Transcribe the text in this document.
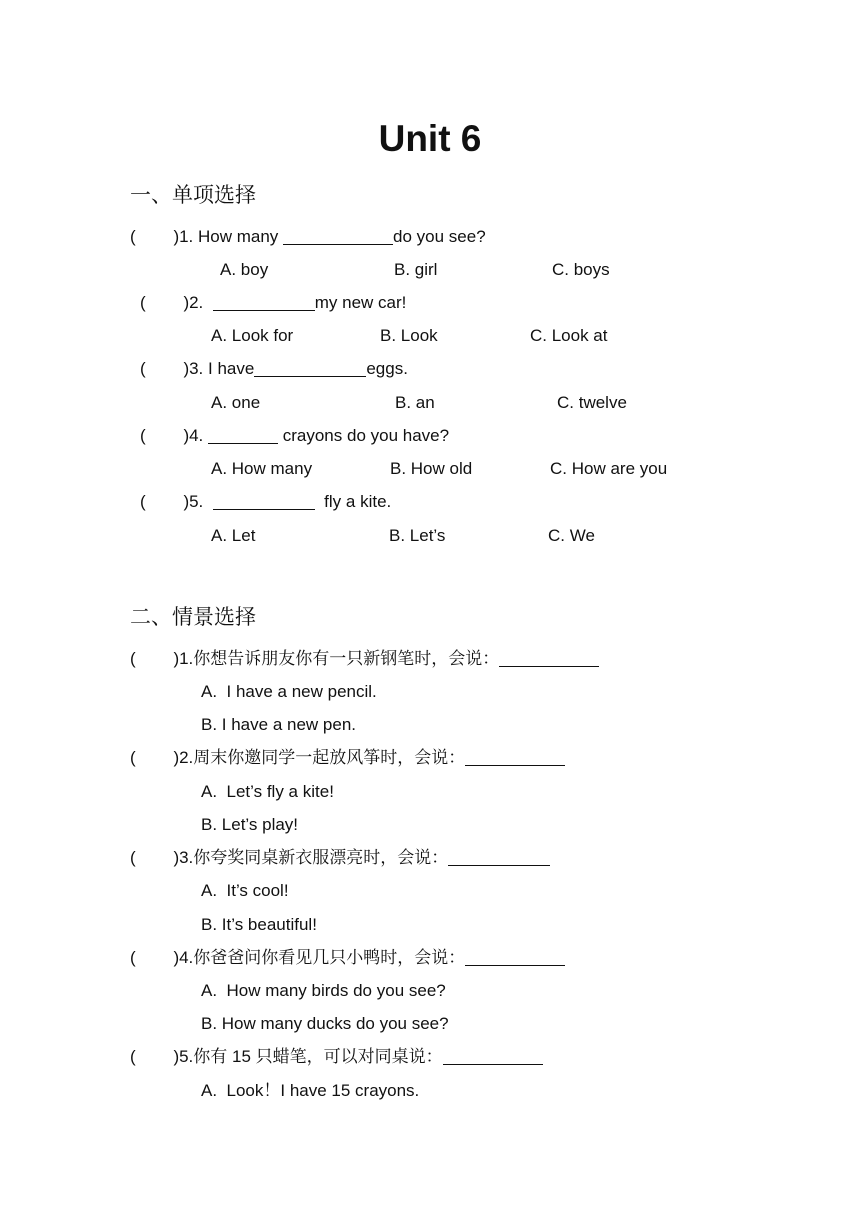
Unit 6
一、单项选择
(        )1. How many	do you see?
A. boy	B. girl	C. boys
(        )2.	my new car!
A. Look for	B. Look	C. Look at
(        )3. I have	eggs.
A. one	B. an	C. twelve
(        )4.	crayons do you have?
A. How many	B. How old	C. How are you
(        )5.	fly a kite.
A. Let	B. Let’s	C. We
二、情景选择
(        )1.你想告诉朋友你有一只新钢笔时，会说：
A.  I have a new pencil.
B. I have a new pen.
(        )2.周末你邀同学一起放风筝时，会说：
A.  Let’s fly a kite!
B. Let’s play!
(        )3.你夸奖同桌新衣服漂亮时，会说：
A.  It’s cool!
B. It’s beautiful!
(        )4.你爸爸问你看见几只小鸭时，会说：
A.  How many birds do you see?
B. How many ducks do you see?
(        )5.你有 15 只蜡笔，可以对同桌说：
A.  Look！I have 15 crayons.
